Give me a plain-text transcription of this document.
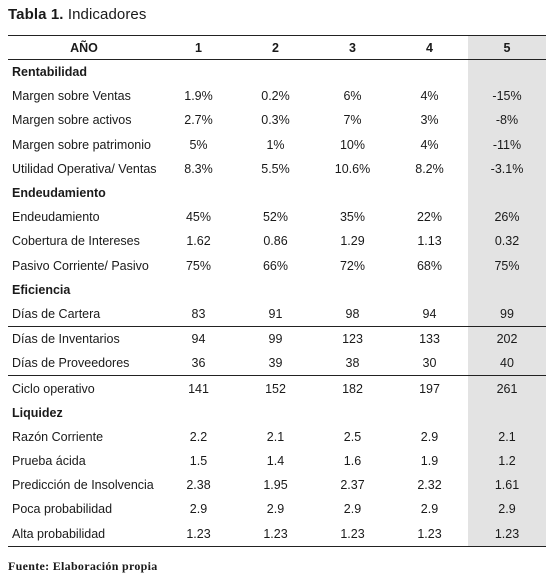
Tabla 1. Indicadores
AÑO	1	2	3	4	5
Rentabilidad					
Margen sobre Ventas	1.9%	0.2%	6%	4%	-15%
Margen sobre activos	2.7%	0.3%	7%	3%	-8%
Margen sobre patrimonio	5%	1%	10%	4%	-11%
Utilidad Operativa/ Ventas	8.3%	5.5%	10.6%	8.2%	-3.1%
Endeudamiento					
Endeudamiento	45%	52%	35%	22%	26%
Cobertura de Intereses	1.62	0.86	1.29	1.13	0.32
Pasivo Corriente/ Pasivo	75%	66%	72%	68%	75%
Eficiencia					
Días de Cartera	83	91	98	94	99
Días de Inventarios	94	99	123	133	202
Días de Proveedores	36	39	38	30	40
Ciclo operativo	141	152	182	197	261
Liquidez					
Razón Corriente	2.2	2.1	2.5	2.9	2.1
Prueba ácida	1.5	1.4	1.6	1.9	1.2
Predicción de Insolvencia	2.38	1.95	2.37	2.32	1.61
Poca probabilidad	2.9	2.9	2.9	2.9	2.9
Alta probabilidad	1.23	1.23	1.23	1.23	1.23
Fuente: Elaboración propia
